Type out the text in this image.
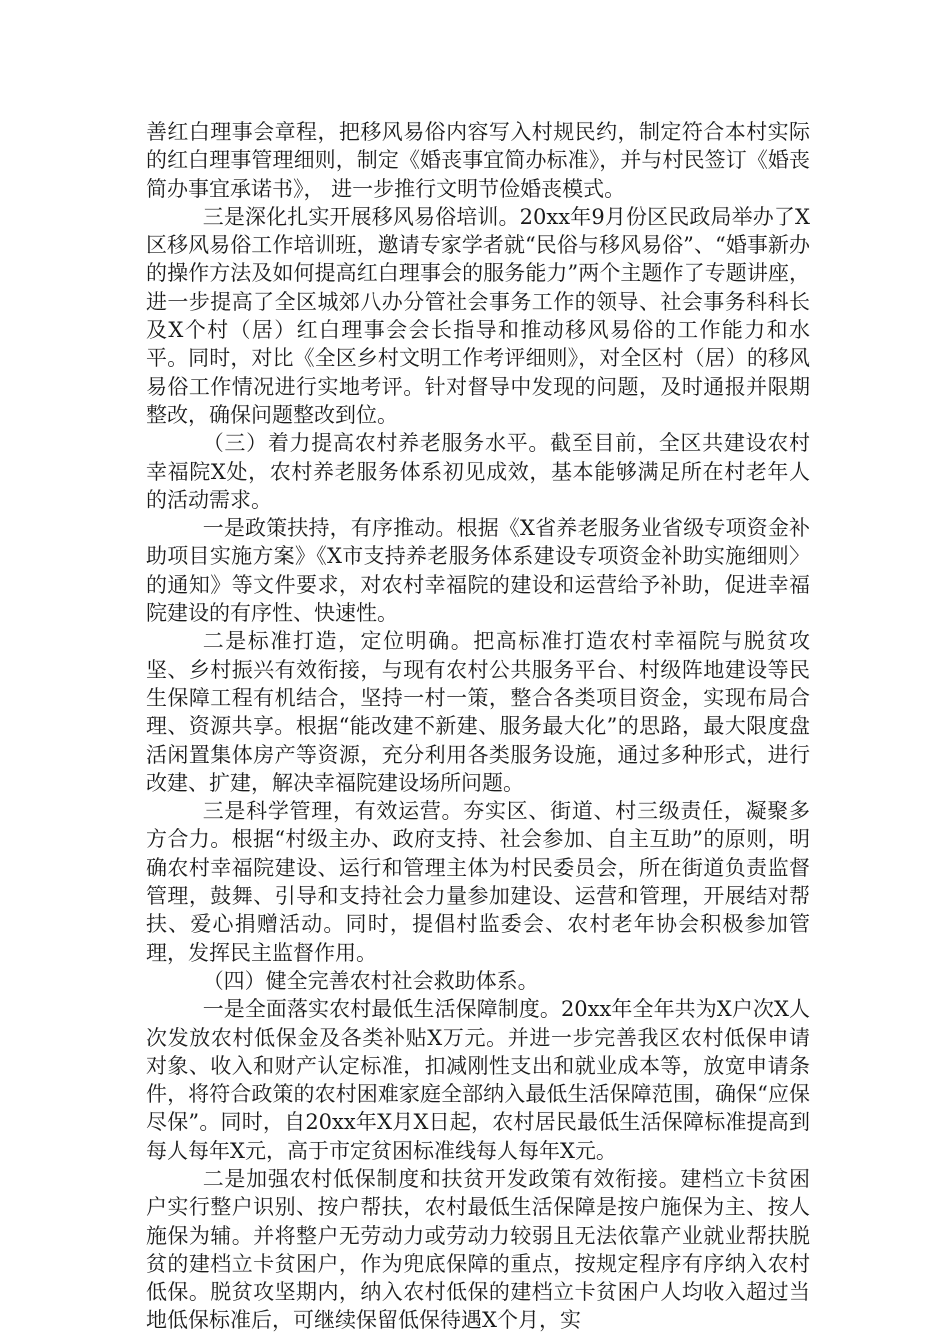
善红白理事会章程，把移风易俗内容写入村规民约，制定符合本村实际的红白理事管理细则，制定《婚丧事宜简办标准》，并与村民签订《婚丧简办事宜承诺书》， 进一步推行文明节俭婚丧模式。

三是深化扎实开展移风易俗培训。20xx年9月份区民政局举办了X区移风易俗工作培训班，邀请专家学者就“民俗与移风易俗”、“婚事新办的操作方法及如何提高红白理事会的服务能力”两个主题作了专题讲座，进一步提高了全区城郊八办分管社会事务工作的领导、社会事务科科长及X个村（居）红白理事会会长指导和推动移风易俗的工作能力和水平。同时，对比《全区乡村文明工作考评细则》，对全区村（居）的移风易俗工作情况进行实地考评。针对督导中发现的问题，及时通报并限期整改，确保问题整改到位。

（三）着力提高农村养老服务水平。截至目前，全区共建设农村幸福院X处，农村养老服务体系初见成效，基本能够满足所在村老年人的活动需求。

一是政策扶持，有序推动。根据《X省养老服务业省级专项资金补助项目实施方案》《X市支持养老服务体系建设专项资金补助实施细则〉的通知》等文件要求，对农村幸福院的建设和运营给予补助，促进幸福院建设的有序性、快速性。

二是标准打造，定位明确。把高标准打造农村幸福院与脱贫攻坚、乡村振兴有效衔接，与现有农村公共服务平台、村级阵地建设等民生保障工程有机结合，坚持一村一策，整合各类项目资金，实现布局合理、资源共享。根据“能改建不新建、服务最大化”的思路，最大限度盘活闲置集体房产等资源，充分利用各类服务设施，通过多种形式，进行改建、扩建，解决幸福院建设场所问题。

三是科学管理，有效运营。夯实区、街道、村三级责任，凝聚多方合力。根据“村级主办、政府支持、社会参加、自主互助”的原则，明确农村幸福院建设、运行和管理主体为村民委员会，所在街道负责监督管理，鼓舞、引导和支持社会力量参加建设、运营和管理，开展结对帮扶、爱心捐赠活动。同时，提倡村监委会、农村老年协会积极参加管理，发挥民主监督作用。

（四）健全完善农村社会救助体系。

一是全面落实农村最低生活保障制度。20xx年全年共为X户次X人次发放农村低保金及各类补贴X万元。并进一步完善我区农村低保申请对象、收入和财产认定标准，扣减刚性支出和就业成本等，放宽申请条件，将符合政策的农村困难家庭全部纳入最低生活保障范围，确保“应保尽保”。同时，自20xx年X月X日起，农村居民最低生活保障标准提高到每人每年X元，高于市定贫困标准线每人每年X元。

二是加强农村低保制度和扶贫开发政策有效衔接。建档立卡贫困户实行整户识别、按户帮扶，农村最低生活保障是按户施保为主、按人施保为辅。并将整户无劳动力或劳动力较弱且无法依靠产业就业帮扶脱贫的建档立卡贫困户，作为兜底保障的重点，按规定程序有序纳入农村低保。脱贫攻坚期内，纳入农村低保的建档立卡贫困户人均收入超过当地低保标准后，可继续保留低保待遇X个月，实
